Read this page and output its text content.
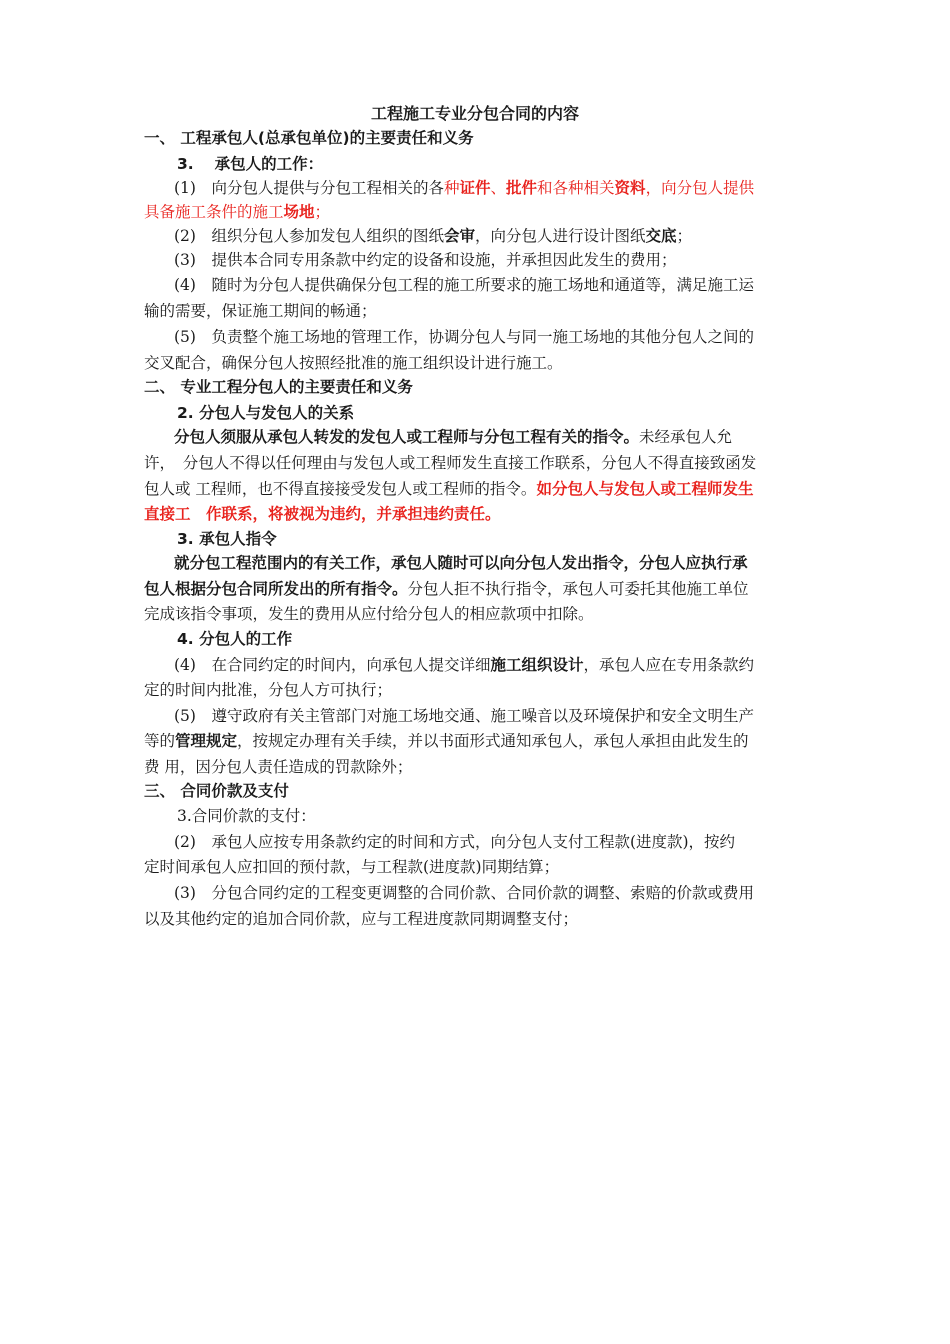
工程施工专业分包合同的内容
一、 工程承包人(总承包单位)的主要责任和义务
3.　 承包人的工作：
(1)　向分包人提供与分包工程相关的各种证件、批件和各种相关资料，向分包人提供
具备施工条件的施工场地；
(2)　组织分包人参加发包人组织的图纸会审，向分包人进行设计图纸交底；
(3)　提供本合同专用条款中约定的设备和设施，并承担因此发生的费用；
(4)　随时为分包人提供确保分包工程的施工所要求的施工场地和通道等，满足施工运
输的需要，保证施工期间的畅通；
(5)　负责整个施工场地的管理工作，协调分包人与同一施工场地的其他分包人之间的
交叉配合，确保分包人按照经批准的施工组织设计进行施工。
二、 专业工程分包人的主要责任和义务
2. 分包人与发包人的关系
分包人须服从承包人转发的发包人或工程师与分包工程有关的指令。未经承包人允
许，　分包人不得以任何理由与发包人或工程师发生直接工作联系，分包人不得直接致函发
包人或 工程师，也不得直接接受发包人或工程师的指令。如分包人与发包人或工程师发生
直接工　作联系，将被视为违约，并承担违约责任。
3. 承包人指令
就分包工程范围内的有关工作，承包人随时可以向分包人发出指令，分包人应执行承
包人根据分包合同所发出的所有指令。分包人拒不执行指令，承包人可委托其他施工单位
完成该指令事项，发生的费用从应付给分包人的相应款项中扣除。
4. 分包人的工作
(4)　在合同约定的时间内，向承包人提交详细施工组织设计，承包人应在专用条款约
定的时间内批准，分包人方可执行；
(5)　遵守政府有关主管部门对施工场地交通、施工噪音以及环境保护和安全文明生产
等的管理规定，按规定办理有关手续，并以书面形式通知承包人，承包人承担由此发生的
费 用，因分包人责任造成的罚款除外；
三、 合同价款及支付
3.合同价款的支付：
(2)　承包人应按专用条款约定的时间和方式，向分包人支付工程款(进度款)，按约
定时间承包人应扣回的预付款，与工程款(进度款)同期结算；
(3)　分包合同约定的工程变更调整的合同价款、合同价款的调整、索赔的价款或费用
以及其他约定的追加合同价款，应与工程进度款同期调整支付；
